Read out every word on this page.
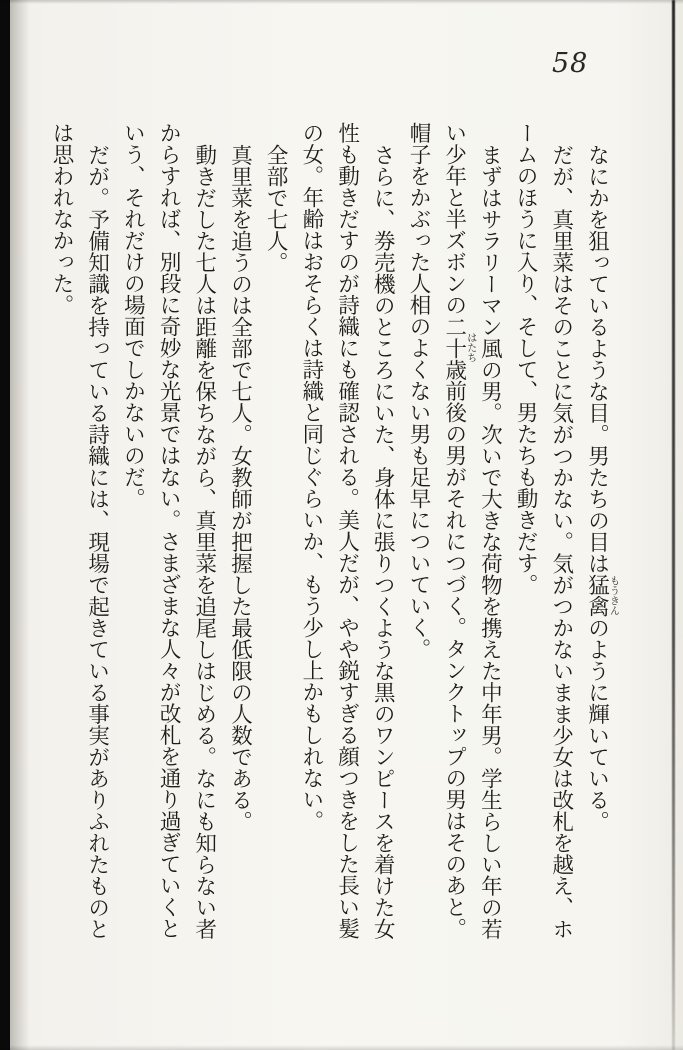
58

なにかを狙っているような目。男たちの目は猛禽もうきんのように輝いている。

だが、真里菜はそのことに気がつかない。気がつかないまま少女は改札を越え、ホームのほうに入り、そして、男たちも動きだす。

まずはサラリーマン風の男。次いで大きな荷物を携えた中年男。学生らしい年の若い少年と半ズボンの二十歳はたち前後の男がそれにつづく。タンクトップの男はそのあと。帽子をかぶった人相のよくない男も足早についていく。

さらに、券売機のところにいた、身体に張りつくような黒のワンピースを着けた女性も動きだすのが詩織にも確認される。美人だが、やや鋭すぎる顔つきをした長い髪の女。年齢はおそらくは詩織と同じぐらいか、もう少し上かもしれない。

全部で七人。

真里菜を追うのは全部で七人。女教師が把握した最低限の人数である。

動きだした七人は距離を保ちながら、真里菜を追尾しはじめる。なにも知らない者からすれば、別段に奇妙な光景ではない。さまざまな人々が改札を通り過ぎていくという、それだけの場面でしかないのだ。

だが。予備知識を持っている詩織には、現場で起きている事実がありふれたものとは思われなかった。
